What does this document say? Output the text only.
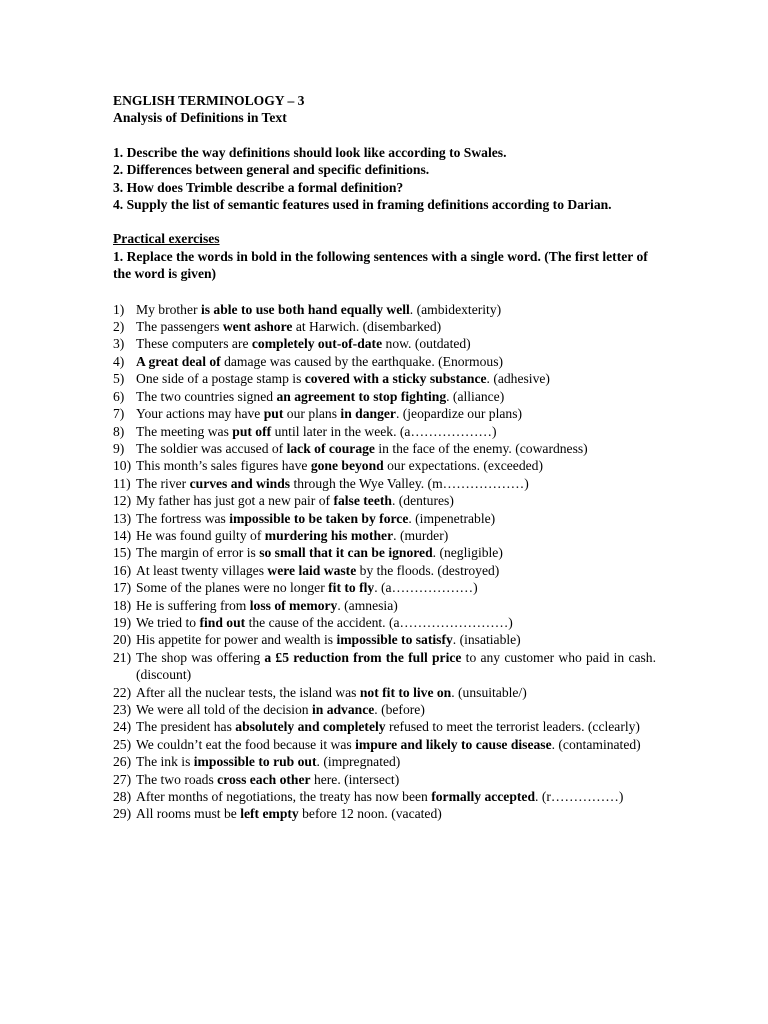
ENGLISH TERMINOLOGY – 3
Analysis of Definitions in Text
1. Describe the way definitions should look like according to Swales.
2. Differences between general and specific definitions.
3. How does Trimble describe a formal definition?
4. Supply the list of semantic features used in framing definitions according to Darian.
Practical exercises
1. Replace the words in bold in the following sentences with a single word. (The first letter of the word is given)
1) My brother is able to use both hand equally well. (ambidexterity)
2) The passengers went ashore at Harwich. (disembarked)
3) These computers are completely out-of-date now. (outdated)
4) A great deal of damage was caused by the earthquake. (Enormous)
5) One side of a postage stamp is covered with a sticky substance. (adhesive)
6) The two countries signed an agreement to stop fighting. (alliance)
7) Your actions may have put our plans in danger. (jeopardize our plans)
8) The meeting was put off until later in the week. (a………………)
9) The soldier was accused of lack of courage in the face of the enemy. (cowardness)
10) This month’s sales figures have gone beyond our expectations. (exceeded)
11) The river curves and winds through the Wye Valley. (m………………)
12) My father has just got a new pair of false teeth. (dentures)
13) The fortress was impossible to be taken by force. (impenetrable)
14) He was found guilty of murdering his mother. (murder)
15) The margin of error is so small that it can be ignored. (negligible)
16) At least twenty villages were laid waste by the floods. (destroyed)
17) Some of the planes were no longer fit to fly. (a………………)
18) He is suffering from loss of memory. (amnesia)
19) We tried to find out the cause of the accident. (a……………………)
20) His appetite for power and wealth is impossible to satisfy. (insatiable)
21) The shop was offering a £5 reduction from the full price to any customer who paid in cash. (discount)
22) After all the nuclear tests, the island was not fit to live on. (unsuitable/)
23) We were all told of the decision in advance. (before)
24) The president has absolutely and completely refused to meet the terrorist leaders. (cclearly)
25) We couldn’t eat the food because it was impure and likely to cause disease. (contaminated)
26) The ink is impossible to rub out. (impregnated)
27) The two roads cross each other here. (intersect)
28) After months of negotiations, the treaty has now been formally accepted. (r……………)
29) All rooms must be left empty before 12 noon. (vacated)
